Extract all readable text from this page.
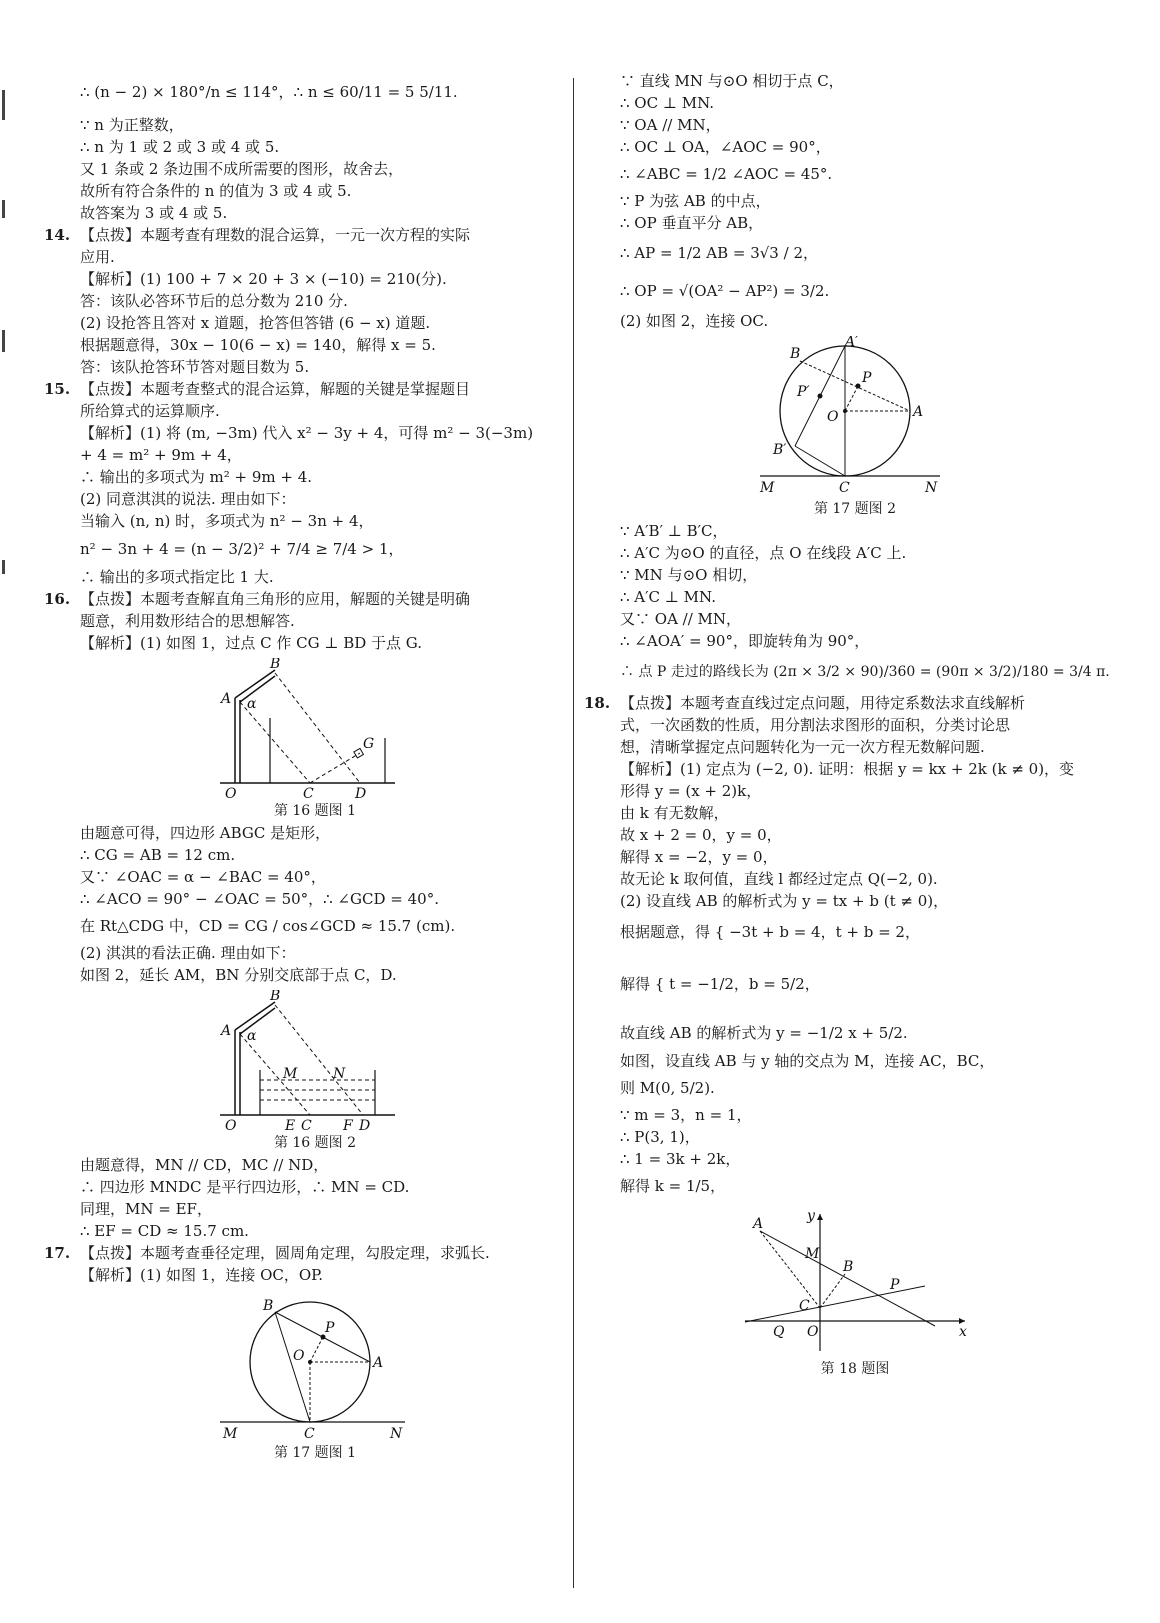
∴ (n − 2) × 180°/n ≤ 114°，∴ n ≤ 60/11 = 5 5/11.
∵ n 为正整数，
∴ n 为 1 或 2 或 3 或 4 或 5.
又 1 条或 2 条边围不成所需要的图形，故舍去，
故所有符合条件的 n 的值为 3 或 4 或 5.
故答案为 3 或 4 或 5.
14. 【点拨】本题考查有理数的混合运算，一元一次方程的实际
应用.
【解析】(1) 100 + 7 × 20 + 3 × (−10) = 210(分).
答：该队必答环节后的总分数为 210 分.
(2) 设抢答且答对 x 道题，抢答但答错 (6 − x) 道题.
根据题意得，30x − 10(6 − x) = 140，解得 x = 5.
答：该队抢答环节答对题目数为 5.
15. 【点拨】本题考查整式的混合运算，解题的关键是掌握题目
所给算式的运算顺序.
【解析】(1) 将 (m, −3m) 代入 x² − 3y + 4，可得 m² − 3(−3m)
+ 4 = m² + 9m + 4，
∴ 输出的多项式为 m² + 9m + 4.
(2) 同意淇淇的说法. 理由如下：
当输入 (n, n) 时，多项式为 n² − 3n + 4，
n² − 3n + 4 = (n − 3/2)² + 7/4 ≥ 7/4 > 1，
∴ 输出的多项式指定比 1 大.
16. 【点拨】本题考查解直角三角形的应用，解题的关键是明确
题意，利用数形结合的思想解答.
【解析】(1) 如图 1，过点 C 作 CG ⊥ BD 于点 G.
A
B
α
G
O	C	D
第 16 题图 1
由题意可得，四边形 ABGC 是矩形，
∴ CG = AB = 12 cm.
又∵ ∠OAC = α − ∠BAC = 40°，
∴ ∠ACO = 90° − ∠OAC = 50°，∴ ∠GCD = 40°.
在 Rt△CDG 中，CD = CG / cos∠GCD ≈ 15.7 (cm).
(2) 淇淇的看法正确. 理由如下：
如图 2，延长 AM，BN 分别交底部于点 C，D.
A
B
α
M	N
O	E C F D
第 16 题图 2
由题意得，MN // CD，MC // ND，
∴ 四边形 MNDC 是平行四边形，∴ MN = CD.
同理，MN = EF，
∴ EF = CD ≈ 15.7 cm.
17. 【点拨】本题考查垂径定理，圆周角定理，勾股定理，求弧长.
【解析】(1) 如图 1，连接 OC，OP.
B
P
O	A
M	C	N
第 17 题图 1
∵ 直线 MN 与⊙O 相切于点 C，
∴ OC ⊥ MN.
∵ OA // MN，
∴ OC ⊥ OA，∠AOC = 90°，
∴ ∠ABC = 1/2 ∠AOC = 45°.
∵ P 为弦 AB 的中点，
∴ OP 垂直平分 AB，
∴ AP = 1/2 AB = 3√3 / 2，
∴ OP = √(OA² − AP²) = 3/2.
(2) 如图 2，连接 OC.
B
A′
P
P′
O	A
B′
M	C	N
第 17 题图 2
∵ A′B′ ⊥ B′C，
∴ A′C 为⊙O 的直径，点 O 在线段 A′C 上.
∵ MN 与⊙O 相切，
∴ A′C ⊥ MN.
又∵ OA // MN，
∴ ∠AOA′ = 90°，即旋转角为 90°，
∴ 点 P 走过的路线长为 (2π × 3/2 × 90)/360 = (90π × 3/2)/180 = 3/4 π.
18. 【点拨】本题考查直线过定点问题，用待定系数法求直线解析
式，一次函数的性质，用分割法求图形的面积，分类讨论思
想，清晰掌握定点问题转化为一元一次方程无数解问题.
【解析】(1) 定点为 (−2, 0). 证明：根据 y = kx + 2k (k ≠ 0)，变
形得 y = (x + 2)k，
由 k 有无数解，
故 x + 2 = 0，y = 0，
解得 x = −2，y = 0，
故无论 k 取何值，直线 l 都经过定点 Q(−2, 0).
(2) 设直线 AB 的解析式为 y = tx + b (t ≠ 0)，
根据题意，得 { −3t + b = 4，t + b = 2，
解得 { t = −1/2，b = 5/2，
故直线 AB 的解析式为 y = −1/2 x + 5/2.
如图，设直线 AB 与 y 轴的交点为 M，连接 AC，BC，
则 M(0, 5/2).
∵ m = 3，n = 1，
∴ P(3, 1)，
∴ 1 = 3k + 2k，
解得 k = 1/5，
y
A
M
B
P
C
Q O	x
第 18 题图
